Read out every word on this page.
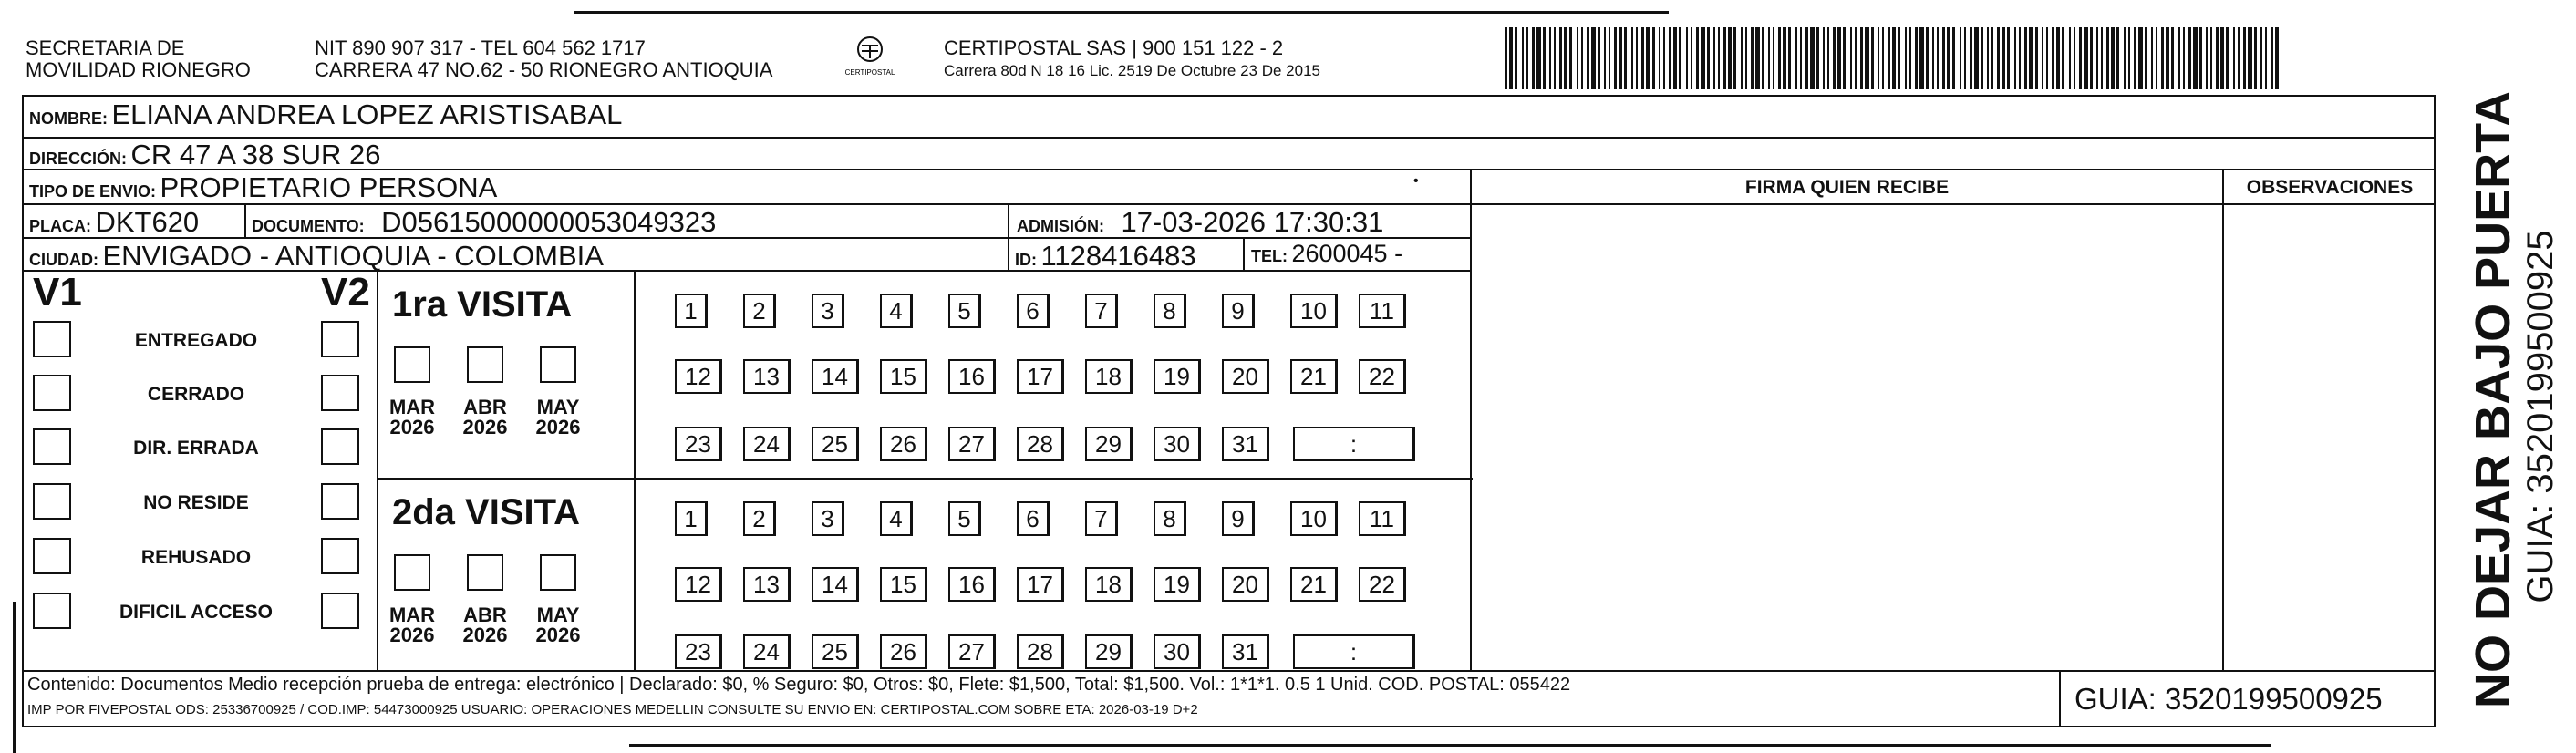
SECRETARIA DE
MOVILIDAD RIONEGRO
NIT 890 907 317 - TEL 604 562 1717
CARRERA 47 NO.62 - 50 RIONEGRO ANTIOQUIA	CERTIPOSTAL
CERTIPOSTAL SAS | 900 151 122 - 2
Carrera 80d N 18 16 Lic. 2519 De Octubre 23 De 2015
NOMBRE: ELIANA ANDREA LOPEZ ARISTISABAL
DIRECCIÓN: CR 47 A 38 SUR 26
TIPO DE ENVIO: PROPIETARIO PERSONA	•	FIRMA QUIEN RECIBE	OBSERVACIONES
PLACA: DKT620	DOCUMENTO: D05615000000053049323	ADMISIÓN: 17-03-2026 17:30:31
CIUDAD: ENVIGADO - ANTIOQUIA - COLOMBIA	ID: 1128416483	TEL: 2600045 -
V1	V2
ENTREGADO
CERRADO
DIR. ERRADA
NO RESIDE
REHUSADO
DIFICIL ACCESO
1ra VISITA
MAR
2026
ABR
2026
MAY
2026
1	2	3	4	5	6	7	8	9	10	11
12	13	14	15	16	17	18	19	20	21	22
23	24	25	26	27	28	29	30	31	:
2da VISITA
MAR
2026
ABR
2026
MAY
2026
1	2	3	4	5	6	7	8	9	10	11
12	13	14	15	16	17	18	19	20	21	22
23	24	25	26	27	28	29	30	31	:
Contenido: Documentos Medio recepción prueba de entrega: electrónico | Declarado: $0, % Seguro: $0, Otros: $0, Flete: $1,500, Total: $1,500. Vol.: 1*1*1. 0.5 1 Unid. COD. POSTAL: 055422
IMP POR FIVEPOSTAL ODS: 25336700925 / COD.IMP: 54473000925 USUARIO: OPERACIONES MEDELLIN CONSULTE SU ENVIO EN: CERTIPOSTAL.COM SOBRE ETA: 2026-03-19 D+2	GUIA: 3520199500925 NO DEJAR BAJO PUERTA GUIA: 3520199500925
